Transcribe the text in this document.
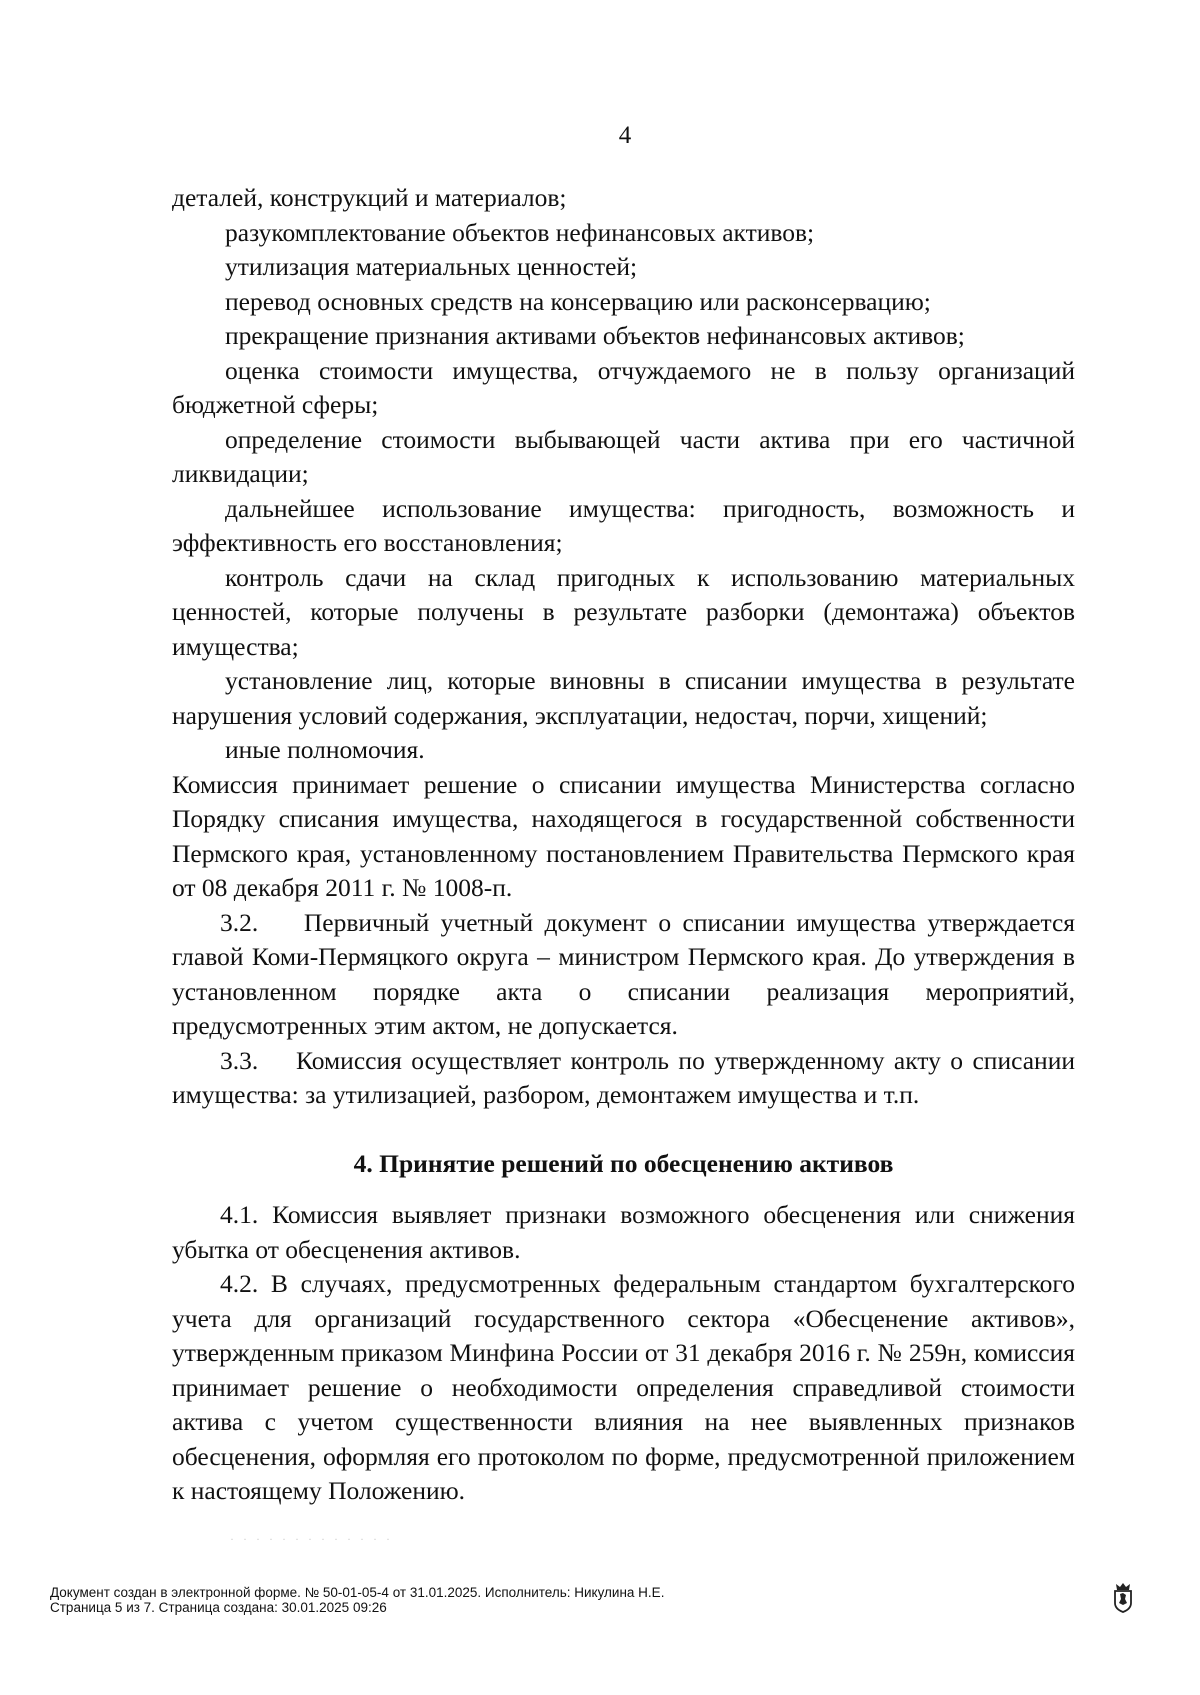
4

деталей, конструкций и материалов;

разукомплектование объектов нефинансовых активов;

утилизация материальных ценностей;

перевод основных средств на консервацию или расконсервацию;

прекращение признания активами объектов нефинансовых активов;

оценка стоимости имущества, отчуждаемого не в пользу организаций бюджетной сферы;

определение стоимости выбывающей части актива при его частичной ликвидации;

дальнейшее использование имущества: пригодность, возможность и эффективность его восстановления;

контроль сдачи на склад пригодных к использованию материальных ценностей, которые получены в результате разборки (демонтажа) объектов имущества;

установление лиц, которые виновны в списании имущества в результате нарушения условий содержания, эксплуатации, недостач, порчи, хищений;

иные полномочия.

Комиссия принимает решение о списании имущества Министерства согласно Порядку списания имущества, находящегося в государственной собственности Пермского края, установленному постановлением Правительства Пермского края от 08 декабря 2011 г. № 1008-п.

3.2.    Первичный учетный документ о списании имущества утверждается главой Коми-Пермяцкого округа – министром Пермского края. До утверждения в установленном порядке акта о списании реализация мероприятий, предусмотренных этим актом, не допускается.

3.3.    Комиссия осуществляет контроль по утвержденному акту о списании имущества: за утилизацией, разбором, демонтажем имущества и т.п.

4. Принятие решений по обесценению активов

4.1. Комиссия выявляет признаки возможного обесценения или снижения убытка от обесценения активов.

4.2. В случаях, предусмотренных федеральным стандартом бухгалтерского учета для организаций государственного сектора «Обесценение активов», утвержденным приказом Минфина России от 31 декабря 2016 г. № 259н, комиссия принимает решение о необходимости определения справедливой стоимости актива с учетом существенности влияния на нее выявленных признаков обесценения, оформляя его протоколом по форме, предусмотренной приложением к настоящему Положению.

· · · · · · · · · · · · ·
Документ создан в электронной форме. № 50-01-05-4 от 31.01.2025. Исполнитель: Никулина Н.Е.
Страница 5 из 7. Страница создана: 30.01.2025 09:26
